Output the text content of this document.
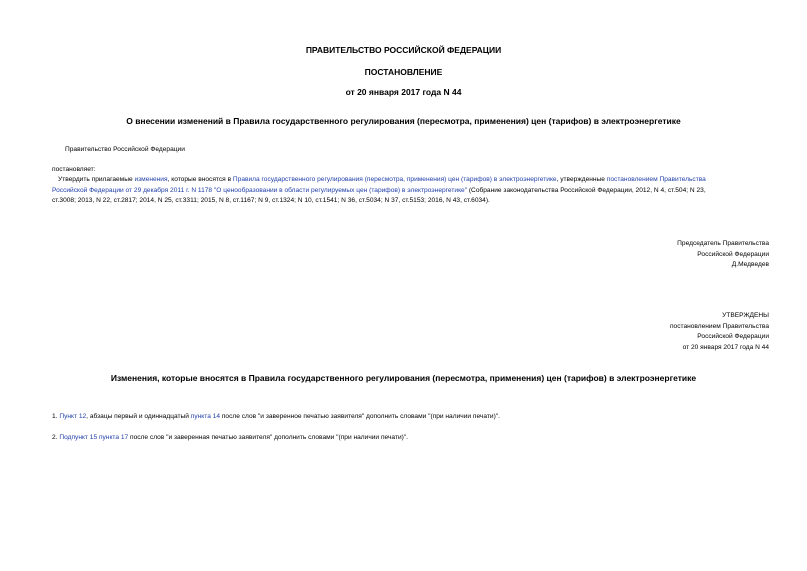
ПРАВИТЕЛЬСТВО РОССИЙСКОЙ ФЕДЕРАЦИИ
ПОСТАНОВЛЕНИЕ
от 20 января 2017 года N 44
О внесении изменений в Правила государственного регулирования (пересмотра, применения) цен (тарифов) в электроэнергетике
Правительство Российской Федерации
постановляет:
Утвердить прилагаемые изменения, которые вносятся в Правила государственного регулирования (пересмотра, применения) цен (тарифов) в электроэнергетике, утвержденные постановлением Правительства
Российской Федерации от 29 декабря 2011 г. N 1178 "О ценообразовании в области регулируемых цен (тарифов) в электроэнергетике" (Собрание законодательства Российской Федерации, 2012, N 4, ст.504; N 23,
ст.3008; 2013, N 22, ст.2817; 2014, N 25, ст.3311; 2015, N 8, ст.1167; N 9, ст.1324; N 10, ст.1541; N 36, ст.5034; N 37, ст.5153; 2016, N 43, ст.6034).
Председатель Правительства
Российской Федерации
Д.Медведев
УТВЕРЖДЕНЫ
постановлением Правительства
Российской Федерации
от 20 января 2017 года N 44
Изменения, которые вносятся в Правила государственного регулирования (пересмотра, применения) цен (тарифов) в электроэнергетике
1. Пункт 12, абзацы первый и одиннадцатый пункта 14 после слов "и заверенное печатью заявителя" дополнить словами "(при наличии печати)".
2. Подпункт 15 пункта 17 после слов "и заверенная печатью заявителя" дополнить словами "(при наличии печати)".
